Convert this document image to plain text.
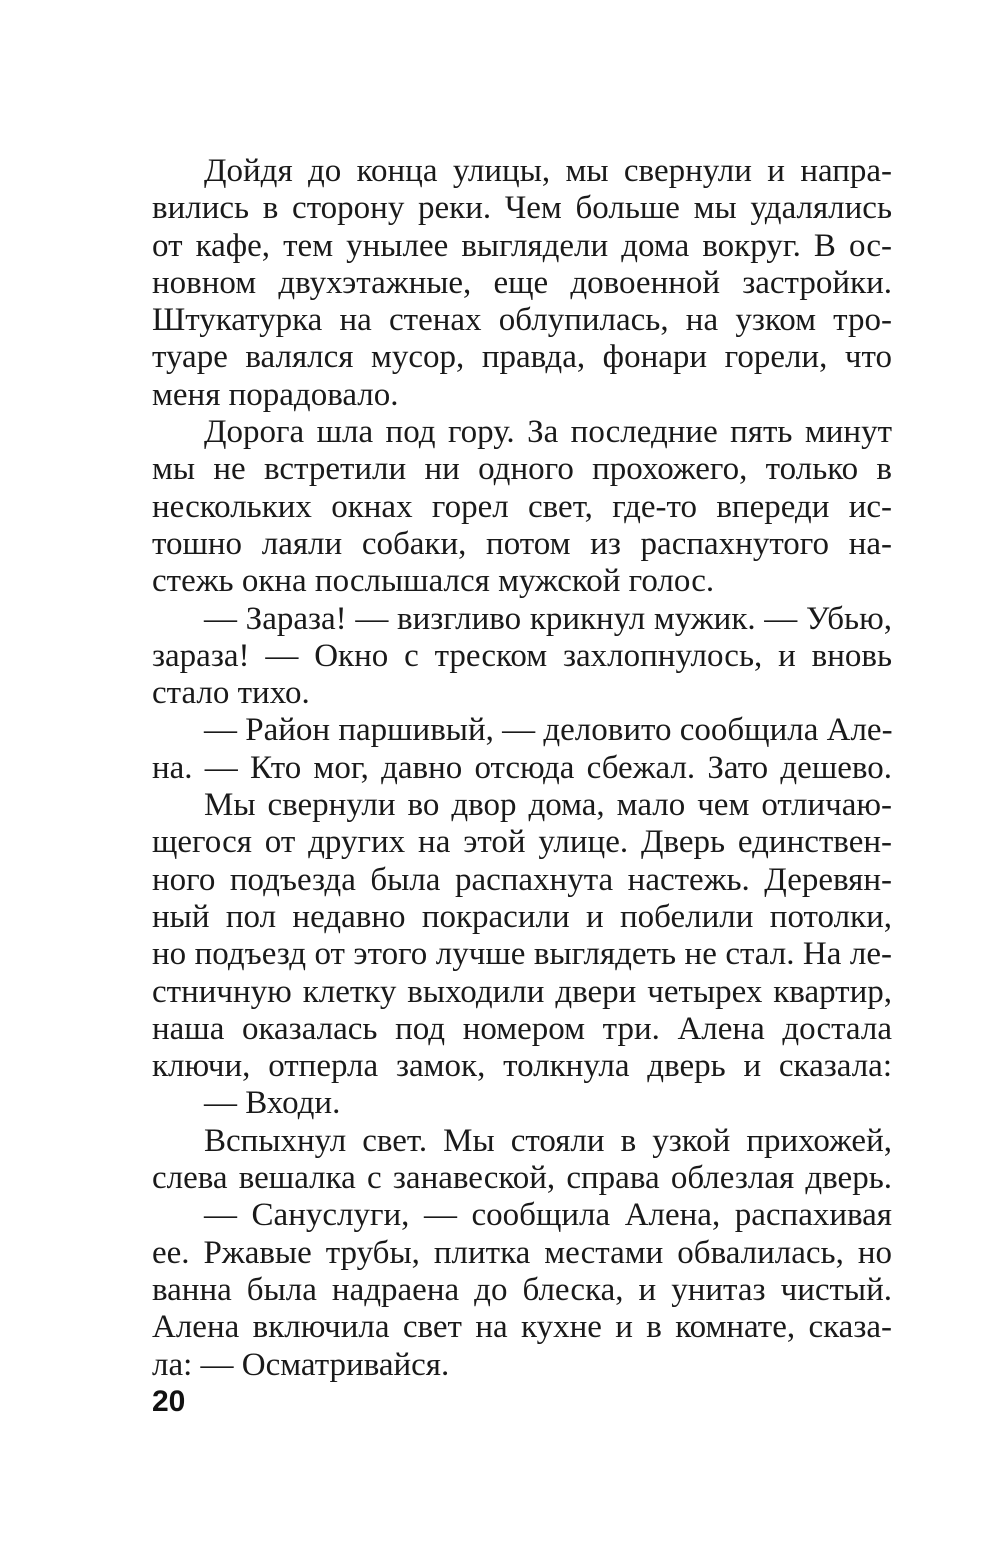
Дойдя до конца улицы, мы свернули и напра-
вились в сторону реки. Чем больше мы удалялись
от кафе, тем унылее выглядели дома вокруг. В ос-
новном двухэтажные, еще довоенной застройки.
Штукатурка на стенах облупилась, на узком тро-
туаре валялся мусор, правда, фонари горели, что
меня порадовало.
Дорога шла под гору. За последние пять минут
мы не встретили ни одного прохожего, только в
нескольких окнах горел свет, где-то впереди ис-
тошно лаяли собаки, потом из распахнутого на-
стежь окна послышался мужской голос.
— Зараза! — визгливо крикнул мужик. — Убью,
зараза! — Окно с треском захлопнулось, и вновь
стало тихо.
— Район паршивый, — деловито сообщила Але-
на. — Кто мог, давно отсюда сбежал. Зато дешево.
Мы свернули во двор дома, мало чем отличаю-
щегося от других на этой улице. Дверь единствен-
ного подъезда была распахнута настежь. Деревян-
ный пол недавно покрасили и побелили потолки,
но подъезд от этого лучше выглядеть не стал. На ле-
стничную клетку выходили двери четырех квартир,
наша оказалась под номером три. Алена достала
ключи, отперла замок, толкнула дверь и сказала:
— Входи.
Вспыхнул свет. Мы стояли в узкой прихожей,
слева вешалка с занавеской, справа облезлая дверь.
— Сануслуги, — сообщила Алена, распахивая
ее. Ржавые трубы, плитка местами обвалилась, но
ванна была надраена до блеска, и унитаз чистый.
Алена включила свет на кухне и в комнате, сказа-
ла: — Осматривайся.
20
